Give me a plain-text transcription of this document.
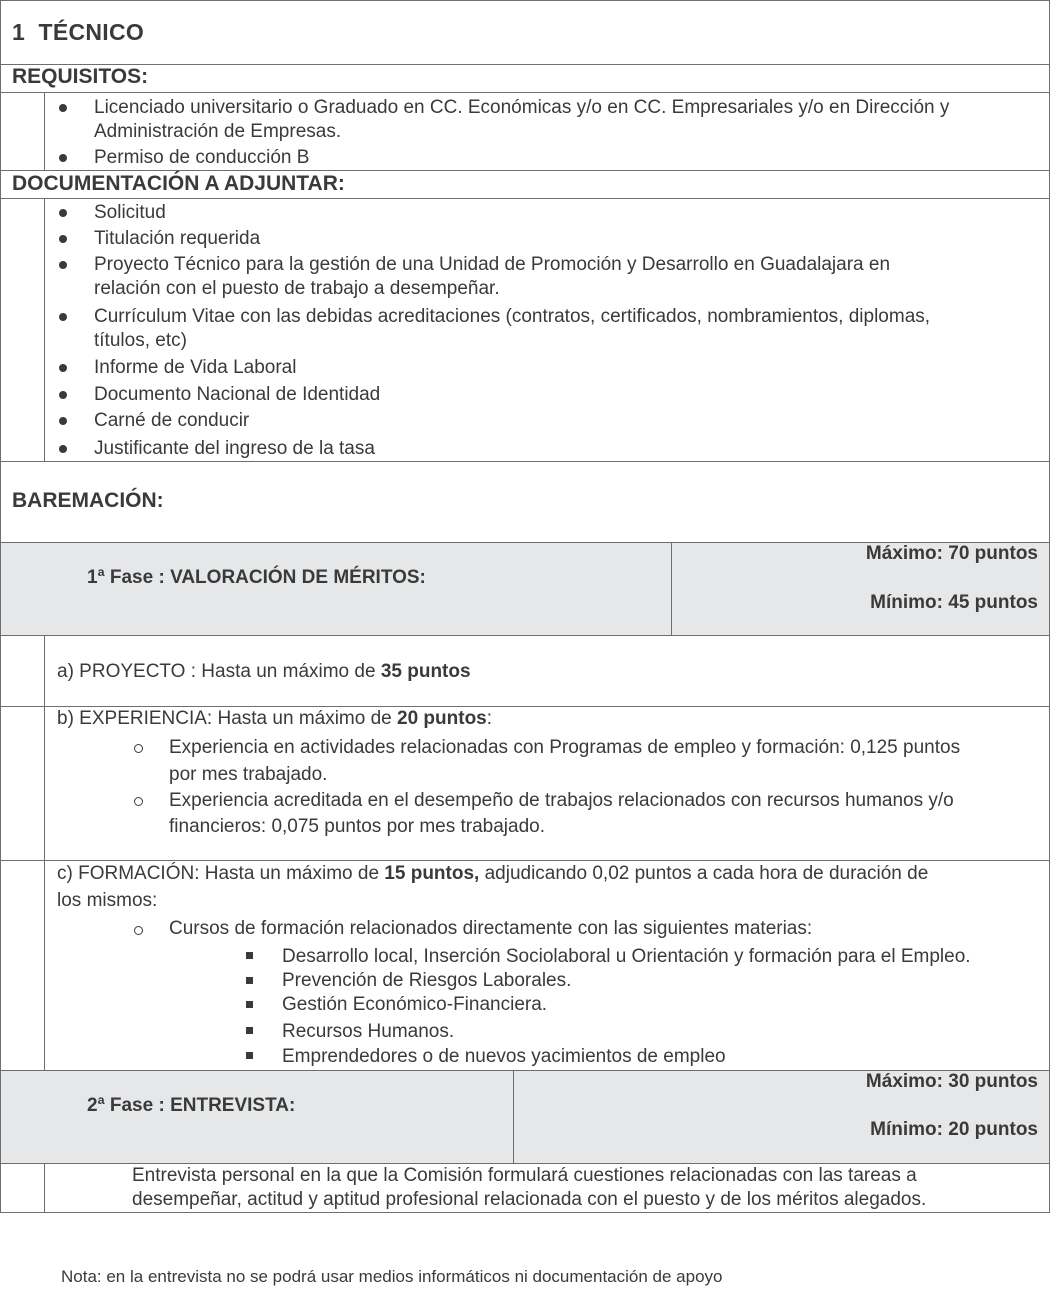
1 TÉCNICO
REQUISITOS:
Licenciado universitario o Graduado en CC. Económicas y/o en CC. Empresariales y/o en Dirección y
Administración de Empresas.
Permiso de conducción B
DOCUMENTACIÓN A ADJUNTAR:
Solicitud
Titulación requerida
Proyecto Técnico para la gestión de una Unidad de Promoción y Desarrollo en Guadalajara en
relación con el puesto de trabajo a desempeñar.
Currículum Vitae con las debidas acreditaciones (contratos, certificados, nombramientos, diplomas,
títulos, etc)
Informe de Vida Laboral
Documento Nacional de Identidad
Carné de conducir
Justificante del ingreso de la tasa
BAREMACIÓN:
1ª Fase : VALORACIÓN DE MÉRITOS:
Máximo: 70 puntos
Mínimo: 45 puntos
a) PROYECTO : Hasta un máximo de 35 puntos
b) EXPERIENCIA: Hasta un máximo de 20 puntos:
Experiencia en actividades relacionadas con Programas de empleo y formación: 0,125 puntos
por mes trabajado.
Experiencia acreditada en el desempeño de trabajos relacionados con recursos humanos y/o
financieros: 0,075 puntos por mes trabajado.
c) FORMACIÓN: Hasta un máximo de 15 puntos, adjudicando 0,02 puntos a cada hora de duración de
los mismos:
Cursos de formación relacionados directamente con las siguientes materias:
Desarrollo local, Inserción Sociolaboral u Orientación y formación para el Empleo.
Prevención de Riesgos Laborales.
Gestión Económico-Financiera.
Recursos Humanos.
Emprendedores o de nuevos yacimientos de empleo
2ª Fase : ENTREVISTA:
Máximo: 30 puntos
Mínimo: 20 puntos
Entrevista personal en la que la Comisión formulará cuestiones relacionadas con las tareas a
desempeñar, actitud y aptitud profesional relacionada con el puesto y de los méritos alegados.
Nota: en la entrevista no se podrá usar medios informáticos ni documentación de apoyo
